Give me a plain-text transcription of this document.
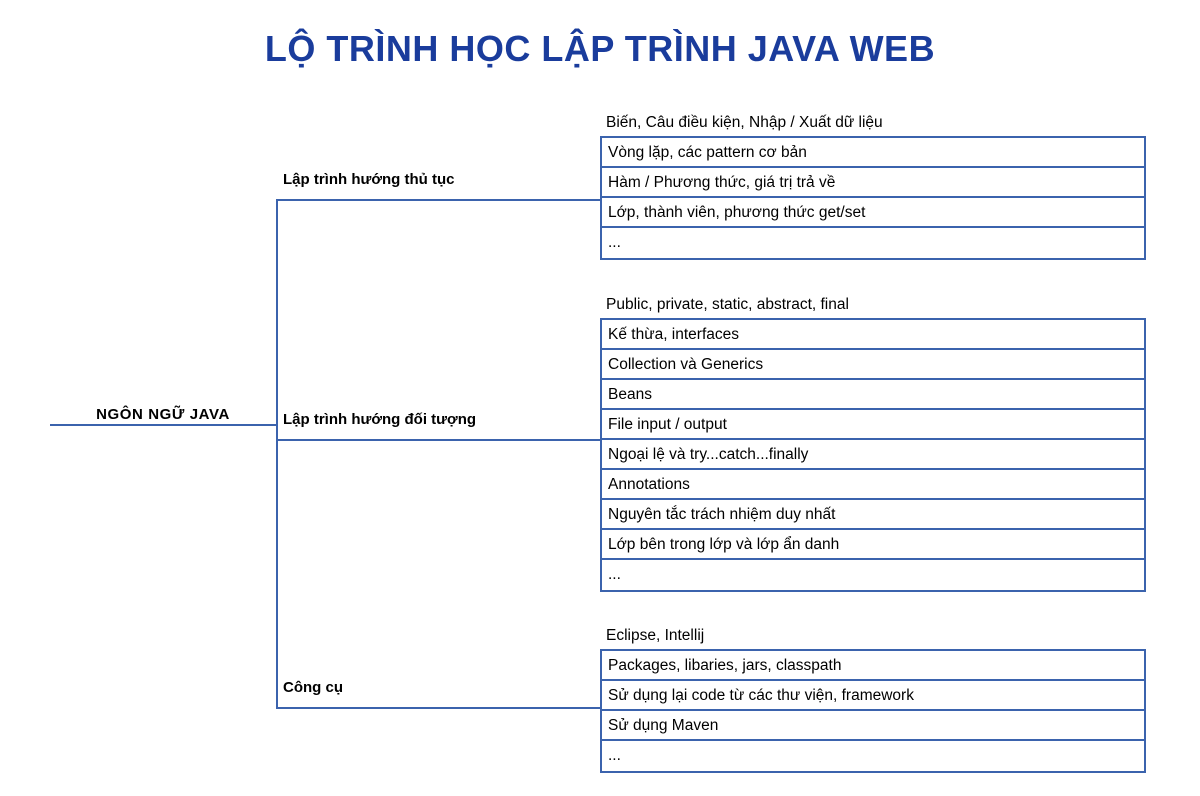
LỘ TRÌNH HỌC LẬP TRÌNH JAVA WEB
NGÔN NGỮ JAVA
Lập trình hướng thủ tục
Lập trình hướng đối tượng
Công cụ
Biến, Câu điều kiện, Nhập / Xuất dữ liệu
Vòng lặp, các pattern cơ bản
Hàm / Phương thức, giá trị trả về
Lớp, thành viên, phương thức get/set
...
Public, private, static, abstract, final
Kế thừa, interfaces
Collection và Generics
Beans
File input / output
Ngoại lệ và try...catch...finally
Annotations
Nguyên tắc trách nhiệm duy nhất
Lớp bên trong lớp và lớp ẩn danh
...
Eclipse, Intellij
Packages, libaries, jars, classpath
Sử dụng lại code từ các thư viện, framework
Sử dụng Maven
...
